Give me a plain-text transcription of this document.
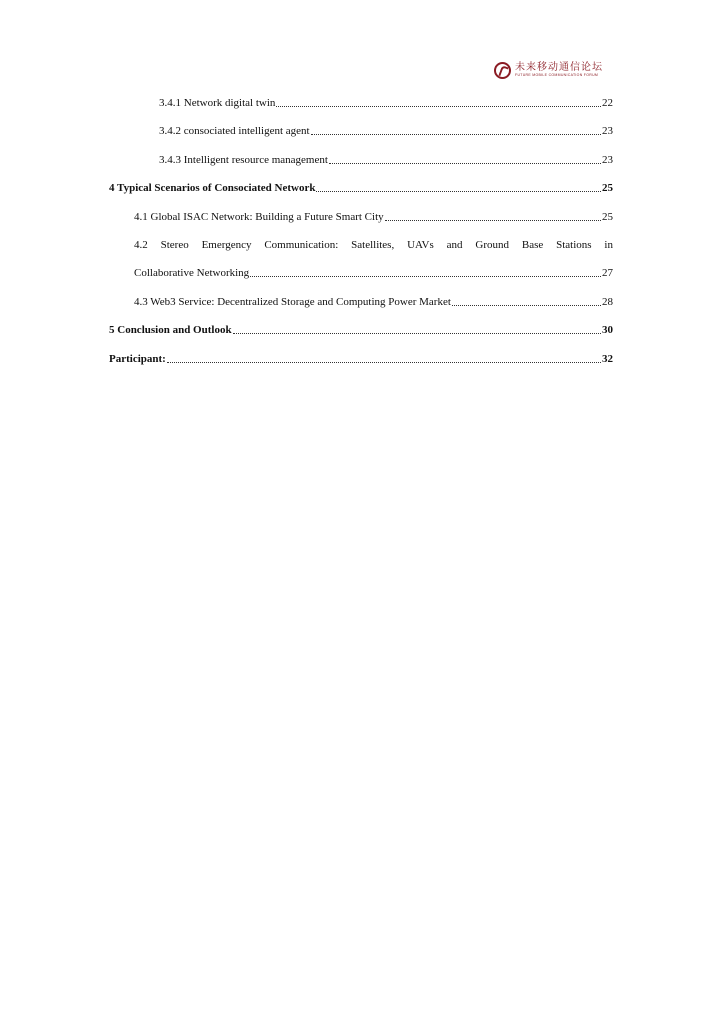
未来移动通信论坛
FUTURE MOBILE COMMUNICATION FORUM
3.4.1 Network digital twin	22
3.4.2 consociated intelligent agent	23
3.4.3 Intelligent resource management	23
4 Typical Scenarios of Consociated Network	25
4.1 Global ISAC Network: Building a Future Smart City	25
4.2 Stereo Emergency Communication: Satellites, UAVs and Ground Base Stations in
Collaborative Networking	27
4.3 Web3 Service: Decentralized Storage and Computing Power Market	28
5 Conclusion and Outlook	30
Participant:	32
